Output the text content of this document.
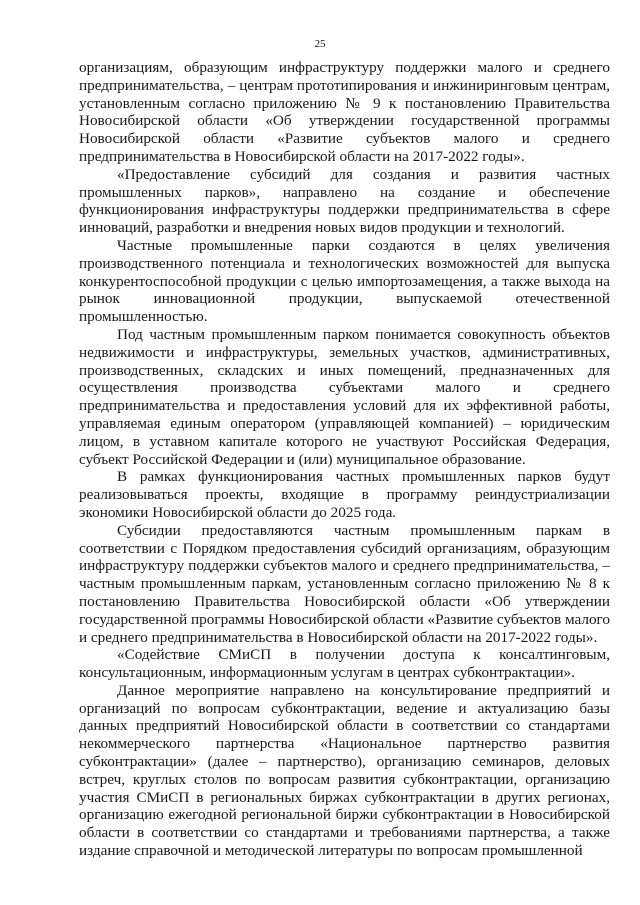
25

организациям, образующим инфраструктуру поддержки малого и среднего предпринимательства, – центрам прототипирования и инжиниринговым центрам, установленным согласно приложению № 9 к постановлению Правительства Новосибирской области «Об утверждении государственной программы Новосибирской области «Развитие субъектов малого и среднего предпринимательства в Новосибирской области на 2017-2022 годы».

«Предоставление субсидий для создания и развития частных промышленных парков», направлено на создание и обеспечение функционирования инфраструктуры поддержки предпринимательства в сфере инноваций, разработки и внедрения новых видов продукции и технологий.

Частные промышленные парки создаются в целях увеличения производственного потенциала и технологических возможностей для выпуска конкурентоспособной продукции с целью импортозамещения, а также выхода на рынок инновационной продукции, выпускаемой отечественной промышленностью.

Под частным промышленным парком понимается совокупность объектов недвижимости и инфраструктуры, земельных участков, административных, производственных, складских и иных помещений, предназначенных для осуществления производства субъектами малого и среднего предпринимательства и предоставления условий для их эффективной работы, управляемая единым оператором (управляющей компанией) – юридическим лицом, в уставном капитале которого не участвуют Российская Федерация, субъект Российской Федерации и (или) муниципальное образование.

В рамках функционирования частных промышленных парков будут реализовываться проекты, входящие в программу реиндустриализации экономики Новосибирской области до 2025 года.

Субсидии предоставляются частным промышленным паркам в соответствии с Порядком предоставления субсидий организациям, образующим инфраструктуру поддержки субъектов малого и среднего предпринимательства, – частным промышленным паркам, установленным согласно приложению № 8 к постановлению Правительства Новосибирской области «Об утверждении государственной программы Новосибирской области «Развитие субъектов малого и среднего предпринимательства в Новосибирской области на 2017-2022 годы».

«Содействие СМиСП в получении доступа к консалтинговым, консультационным, информационным услугам в центрах субконтрактации».

Данное мероприятие направлено на консультирование предприятий и организаций по вопросам субконтрактации, ведение и актуализацию базы данных предприятий Новосибирской области в соответствии со стандартами некоммерческого партнерства «Национальное партнерство развития субконтрактации» (далее – партнерство), организацию семинаров, деловых встреч, круглых столов по вопросам развития субконтрактации, организацию участия СМиСП в региональных биржах субконтрактации в других регионах, организацию ежегодной региональной биржи субконтрактации в Новосибирской области в соответствии со стандартами и требованиями партнерства, а также издание справочной и методической литературы по вопросам промышленной
